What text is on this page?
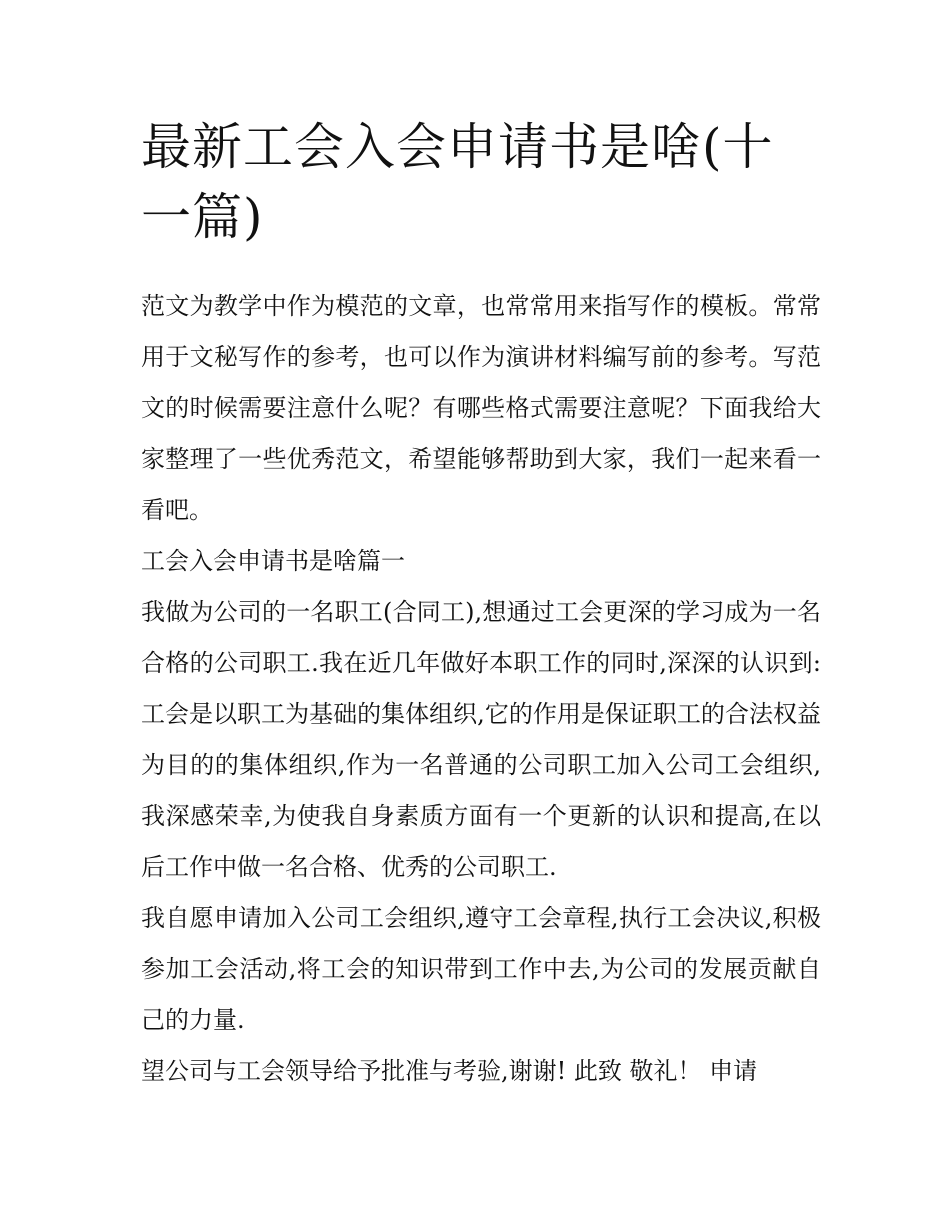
最新工会入会申请书是啥(十一篇)

范文为教学中作为模范的文章，也常常用来指写作的模板。常常用于文秘写作的参考，也可以作为演讲材料编写前的参考。写范文的时候需要注意什么呢？有哪些格式需要注意呢？下面我给大家整理了一些优秀范文，希望能够帮助到大家，我们一起来看一看吧。

工会入会申请书是啥篇一

我做为公司的一名职工(合同工),想通过工会更深的学习成为一名合格的公司职工.我在近几年做好本职工作的同时,深深的认识到:工会是以职工为基础的集体组织,它的作用是保证职工的合法权益为目的的集体组织,作为一名普通的公司职工加入公司工会组织,我深感荣幸,为使我自身素质方面有一个更新的认识和提高,在以后工作中做一名合格、优秀的公司职工.

我自愿申请加入公司工会组织,遵守工会章程,执行工会决议,积极参加工会活动,将工会的知识带到工作中去,为公司的发展贡献自己的力量.

望公司与工会领导给予批准与考验,谢谢! 此致 敬礼！ 申请
